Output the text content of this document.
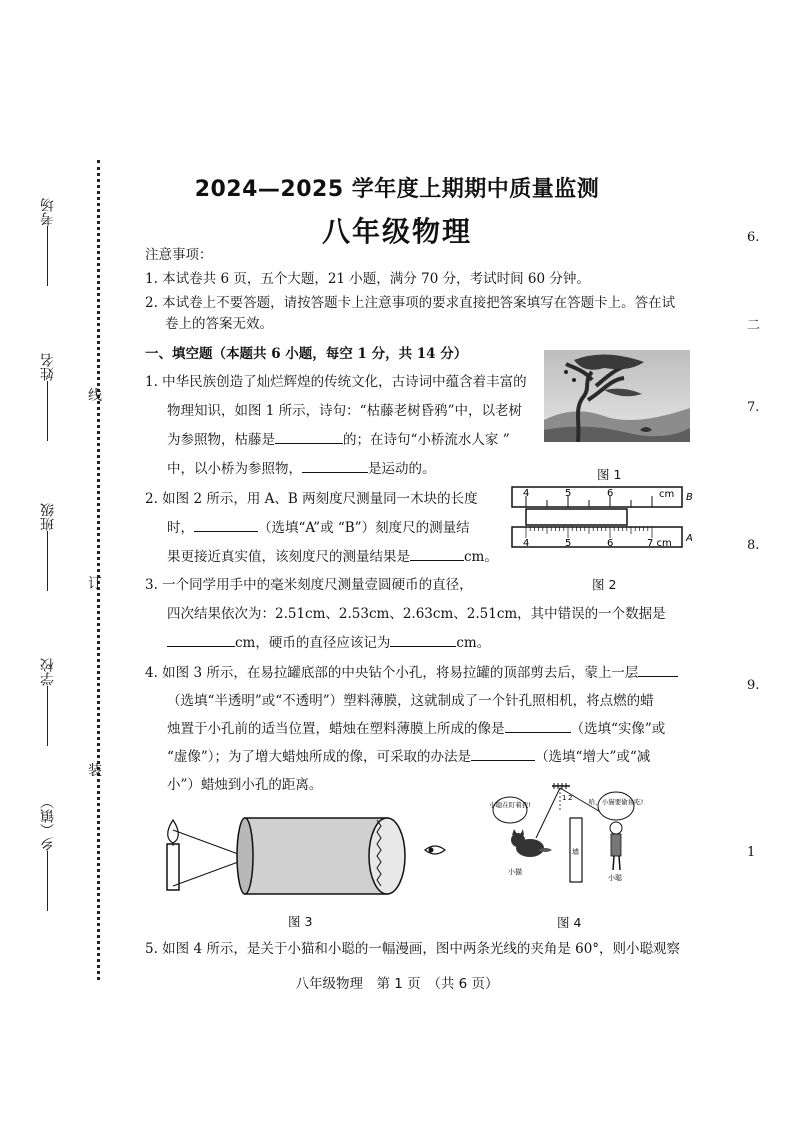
考场
姓名
班级
学校
乡（镇）
线
订
装
6.
二
7.
8.
9.
1
2024—2025 学年度上期期中质量监测
八年级物理
注意事项：
1. 本试卷共 6 页，五个大题，21 小题，满分 70 分，考试时间 60 分钟。
2. 本试卷上不要答题，请按答题卡上注意事项的要求直接把答案填写在答题卡上。答在试
卷上的答案无效。
一、填空题（本题共 6 小题，每空 1 分，共 14 分）
1. 中华民族创造了灿烂辉煌的传统文化，古诗词中蕴含着丰富的
物理知识，如图 1 所示，诗句：“枯藤老树昏鸦”中，以老树
为参照物，枯藤是	的；在诗句“小桥流水人家 ”
中，以小桥为参照物，	是运动的。	图 1
2. 如图 2 所示，用 A、B 两刻度尺测量同一木块的长度
时，	（选填“A”或 “B”）刻度尺的测量结
果更接近真实值，该刻度尺的测量结果是	cm。
4	5	6	cm B
4	5	6	7 cm A
图 2
3. 一个同学用手中的毫米刻度尺测量壹圆硬币的直径，
四次结果依次为：2.51cm、2.53cm、2.63cm、2.51cm，其中错误的一个数据是
cm，硬币的直径应该记为	cm。
4. 如图 3 所示，在易拉罐底部的中央钻个小孔，将易拉罐的顶部剪去后，蒙上一层
（选填“半透明”或“不透明”）塑料薄膜，这就制成了一个针孔照相机，将点燃的蜡
烛置于小孔前的适当位置，蜡烛在塑料薄膜上所成的像是	（选填“实像”或
“虚像”）；为了增大蜡烛所成的像，可采取的办法是	（选填“增大”或“减
小”）蜡烛到小孔的距离。
图 3
1 2
小聪在盯着我!	哈，小猫要偷鱼吃!
小猫
墙
小聪
图 4
5. 如图 4 所示，是关于小猫和小聪的一幅漫画，图中两条光线的夹角是 60°，则小聪观察
八年级物理　第 1 页　（共 6 页）
